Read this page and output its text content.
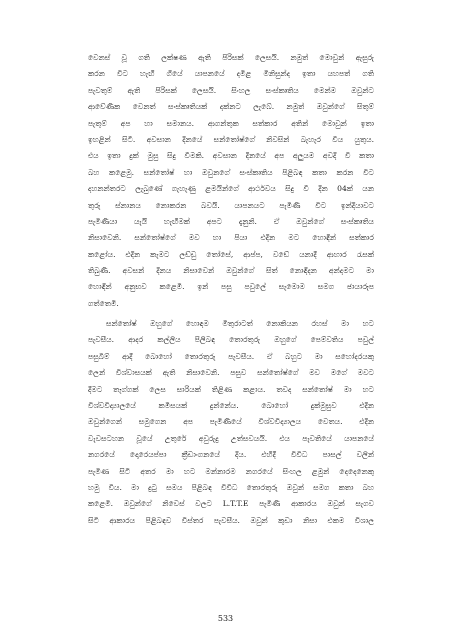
වෙනස් වූ ගති ලක්ෂණ ඇති පිරිසක් ලෙසයි. නමුත් මොවුන් ඇසුරු
කරන විට හැඟී ගියේ යාපනයේ දමිළ මිනිසුන්ද ඉතා යහපත් ගති
පැවතුම් ඇති පිරිසක් ලෙසයි. සිංහල සංස්කෘතිය මෙන්ම ඔවුන්ට
ආවේණික වෙනත් සංස්කෘතියක් දක්නට ලැබේ. නමුත් ඔවුන්ගේ සිතුම්
පැතුම් අප හා සමානය. ආගන්තුක සත්කාර අතින් මොවුන් ඉතා
ඉහළින් සිටී. අවසාන දිනයේ සන්තෝෂ්ගේ නිවසින් බැහැර වීය යුතුය.
එය ඉතා දුක් මුසු සිදු වීමකි. අවසාන දිනයේ අප අලුයම අවදි වී කතා
බහ කළෙමු. සන්තෝෂ් හා ඔවුනගේ සංස්කෘතිය පිළිබඳ කතා කරන විට
දහනන්තරට ලැබුණේ ගැහැණු ළමයින්ගේ ආර්ථවය සිදු වී දින 04ක් යන
තුරු ස්නානය නොකරන බවයි. යාපනයට පැමිණි විට ඉන්දියාවට
පැමිණියා යැයි හැඟීමක් අපට දැනුනි. ඒ ඔවුන්ගේ සංස්කෘතිය
නිසාවෙනි. සන්තෝෂ්ගේ මව හා පියා එදින මට හොඳින් සත්කාර
කළෝය. එදින කැමට ලඩ්ඩු තෝසේ, ආප්ප, වඩේ යනාදී ආහාර රැසක්
තිබුණි. අවසන් දිනය නිසාවෙන් ඔවුන්ගේ සිත් නොඳිදන අන්දමට මා
හොඳින් අනුභව කළෙමි. ඉන් පසු පවුලේ සැමොම සමග ඡායාරූප
ගත්තෙමි.
සන්තෝෂ් ඔහුගේ හොඳම මිතුරාටත් නොකියන රහස් මා හට
පැවසීය. ආදර කල්ලිය පිලිබඳ තොරතුරු ඔහුගේ පෙම්වතිය පවුල්
පසුබිම් ආදී බොහෝ තොරතුරු පැවසීය. ඒ බහුට මා සහෝදරයකු
ලෙන් විශ්වාසයක් ඇති නිසාවෙනි. පසුව සන්තෝෂ්ගේ මව මගේ මවට
දීමට තෑග්ගක් ලෙස සාරියක් තිළිණ කළාය. තවද සන්තෝෂ් මා හට
විශ්වවිද්‍යාලයේ කමිසයක් දුන්නේය. බොහෝ දුක්මුසුව එදින
ඔවුන්ගෙන් සමුගෙන අප පැමිණියේ විශ්වවිද්‍යාලය වෙතය. එදින
වැවසටහන වූයේ උතුරේ අවුරුදු උත්සවයයි. එය පැවතියේ යාපනයේ
නගරයේ දොරෙයප්පා ක්‍රීඩාංගනයේ දිය. එහිදී විවිධ පාසල් වලින්
පැමිණ සිටි අතර මා හට මන්නාරම නගරයේ සිංහල ළමුන් දෙදෙනෙකු
හමු විය. මා දුටු සමය පිළිබඳ විවිධ තොරතුරු ඔවුන් සමග කතා බහ
කළෙමි. ඔවුන්ගේ නිවෙස් වලට L.T.T.E පැමිණි ආකාරය ඔවුන් සැගව
සිටි ආකාරය පිළිබඳව විස්තර පැවසීය. ඔවුන් කුඩා නිසා එකම විශාල
533
